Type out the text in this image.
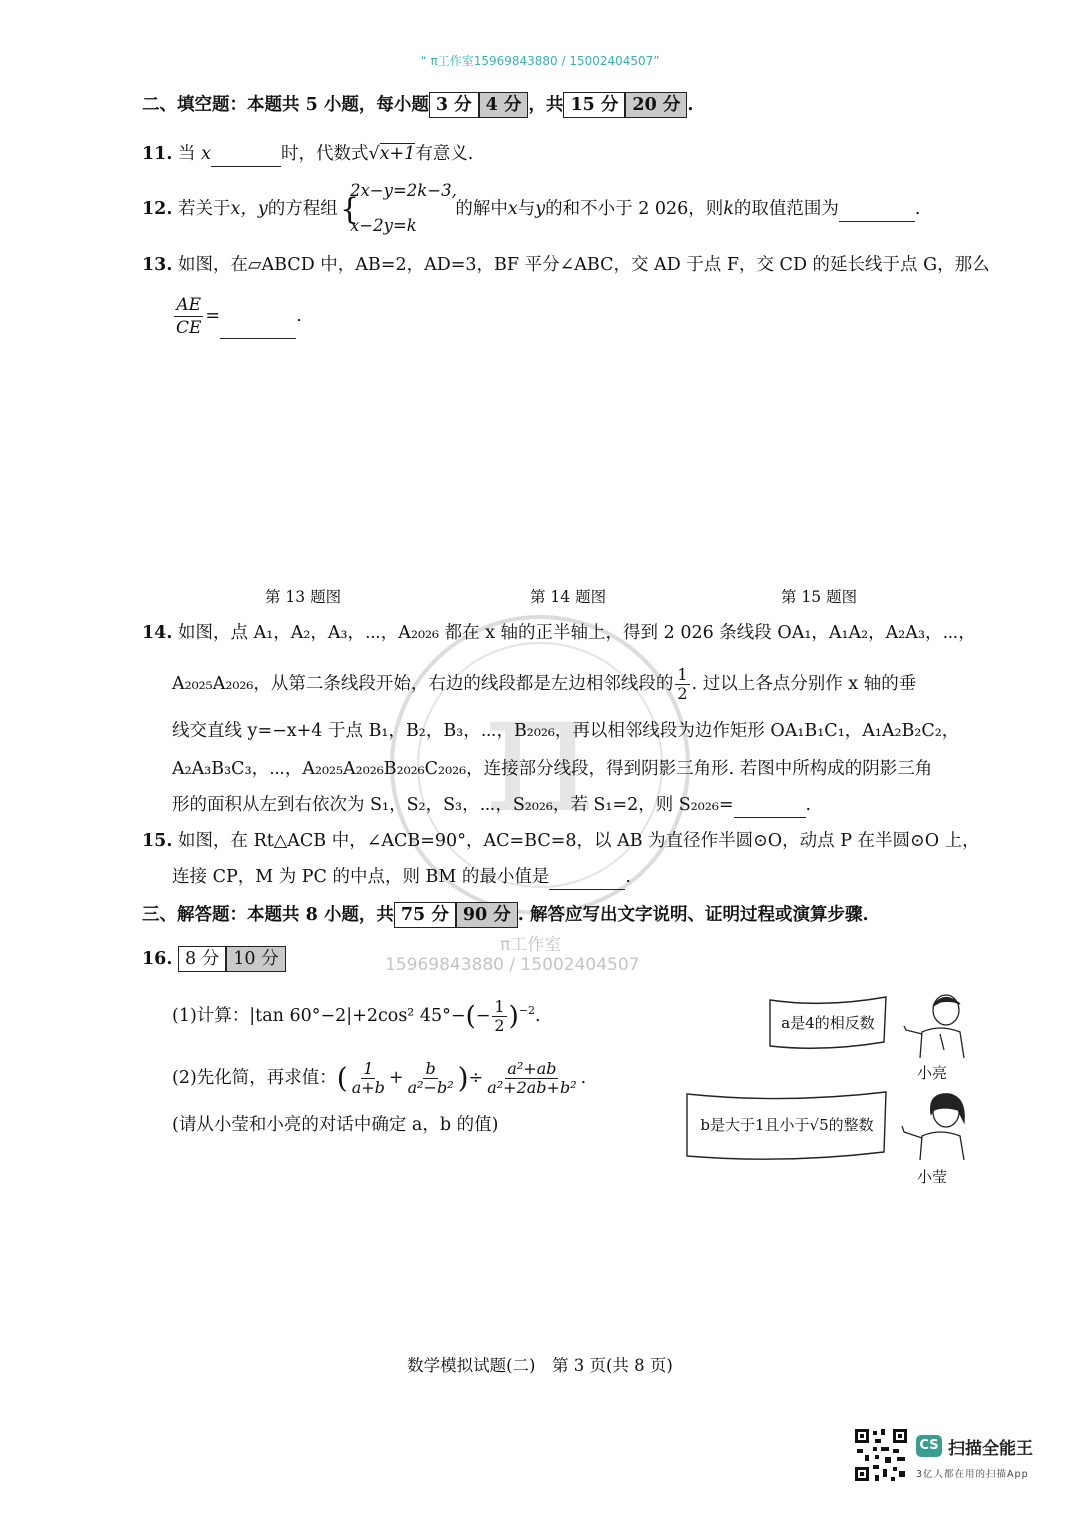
“ π工作室15969843880 / 15002404507”
二、填空题：本题共 5 小题，每小题 3 分 4 分 ，共 15 分 20 分 .
11. 当 x	时，代数式√x+1有意义.
12. 若关于x，y的方程组	的解中x与y的和不小于 2 026，则k的取值范围为	.
{
2x−y=2k−3,
x−2y=k
13. 如图，在▱ABCD 中，AB=2，AD=3，BF 平分∠ABC，交 AD 于点 F，交 CD 的延长线于点 G，那么
$\frac{AE}{CE}$ =	.
第 13 题图	第 14 题图	第 15 题图
π
π工作室
15969843880 / 15002404507
14. 如图，点 A₁，A₂，A₃，⋯，A₂₀₂₆ 都在 x 轴的正半轴上，得到 2 026 条线段 OA₁，A₁A₂，A₂A₃，⋯，
A₂₀₂₅A₂₀₂₆，从第二条线段开始，右边的线段都是左边相邻线段的 $\frac{1}{2}$ . 过以上各点分别作 x 轴的垂
线交直线 y=−x+4 于点 B₁，B₂，B₃，⋯，B₂₀₂₆，再以相邻线段为边作矩形 OA₁B₁C₁，A₁A₂B₂C₂，
A₂A₃B₃C₃，⋯，A₂₀₂₅A₂₀₂₆B₂₀₂₆C₂₀₂₆，连接部分线段，得到阴影三角形. 若图中所构成的阴影三角
形的面积从左到右依次为 S₁，S₂，S₃，⋯，S₂₀₂₆，若 S₁=2，则 S₂₀₂₆=	.
15. 如图，在 Rt△ACB 中，∠ACB=90°，AC=BC=8，以 AB 为直径作半圆⊙O，动点 P 在半圆⊙O 上，
连接 CP，M 为 PC 的中点，则 BM 的最小值是	.
三、解答题：本题共 8 小题，共 75 分 90 分 . 解答应写出文字说明、证明过程或演算步骤.
16. 8 分 10 分
(1)计算：|tan 60°−2|+2cos² $45^\circ-(- \frac{1}{2} )^{-2}$.
(2)先化简，再求值：( $\frac{1}{a+b} + \frac{b}{\text{a²−b²}}$ )÷ $\frac{\text{a²+ab}}{\text{a²+2ab+b²}}$ .
(请从小莹和小亮的对话中确定 a，b 的值)
a是4的相反数
b是大于1且小于√5的整数
小亮
小莹
数学模拟试题(二)　第 3 页(共 8 页)
CS 扫描全能王
3亿人都在用的扫描App
